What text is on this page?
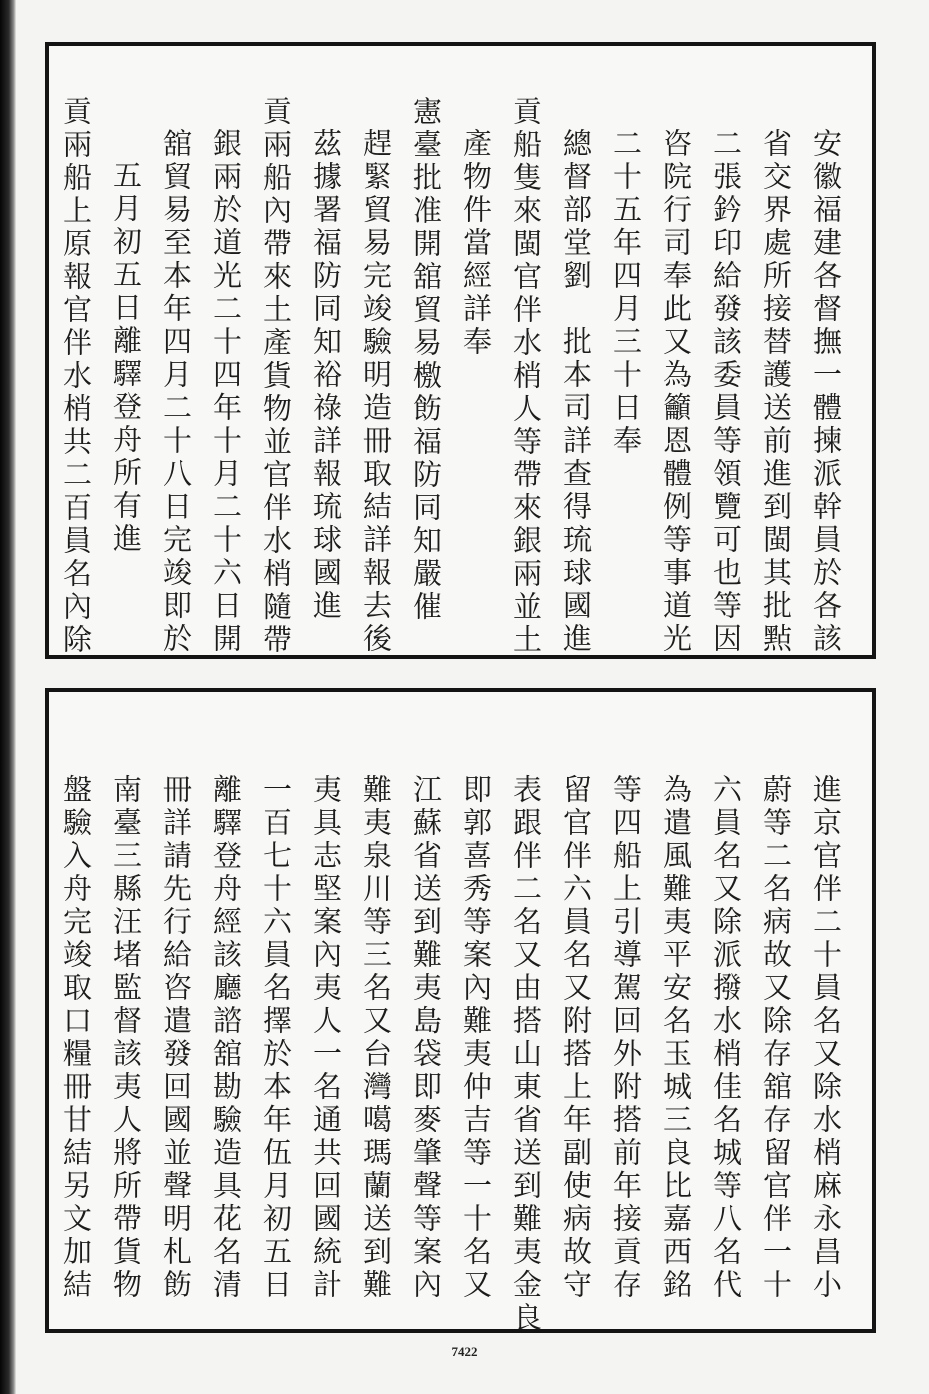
安徽福建各督撫一體揀派幹員於各該
省交界處所接替護送前進到閩其批㸃
二張鈐印給發該委員等領覽可也等因
咨院行司奉此又為籲恩體例等事道光
二十五年四月三十日奉
總督部堂劉　批本司詳查得琉球國進
貢船隻來閩官伴水梢人等帶來銀兩並土
產物件當經詳奉
憲臺批准開舘貿易檄飭福防同知嚴催
趕緊貿易完竣驗明造冊取結詳報去後
茲據署福防同知裕祿詳報琉球國進
貢兩船內帶來土產貨物並官伴水梢隨帶
銀兩於道光二十四年十月二十六日開
舘貿易至本年四月二十八日完竣即於
五月初五日離驛登舟所有進
貢兩船上原報官伴水梢共二百員名內除
進京官伴二十員名又除水梢麻永昌小
蔚等二名病故又除存舘存留官伴一十
六員名又除派撥水梢佳名城等八名代
為遣風難夷平安名玉城三良比嘉西銘
等四船上引導駕回外附搭前年接貢存
留官伴六員名又附搭上年副使病故守
表跟伴二名又由搭山東省送到難夷金良
即郭喜秀等案內難夷仲吉等一十名又
江蘇省送到難夷島袋即麥肇聲等案內
難夷泉川等三名又台灣噶瑪蘭送到難
夷具志堅案內夷人一名通共回國統計
一百七十六員名擇於本年伍月初五日
離驛登舟經該廳諮舘勘驗造具花名清
冊詳請先行給咨遣發回國並聲明札飭
南臺三縣汪堵監督該夷人將所帶貨物
盤驗入舟完竣取口糧冊甘結另文加結
7422
